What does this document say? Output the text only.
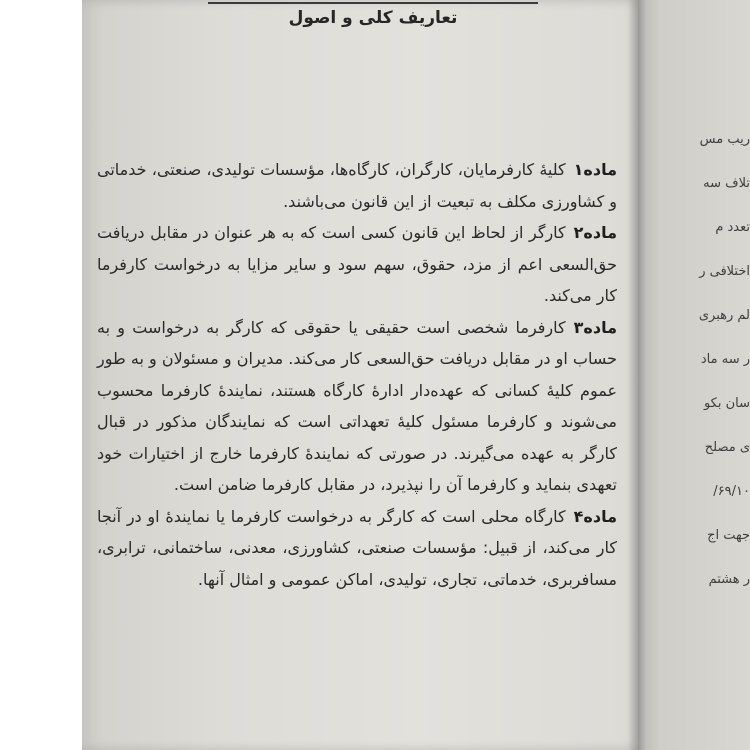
تعاریف کلی و اصول

ماده۱کلیهٔ کارفرمایان، کارگران، کارگاه‌ها، مؤسسات تولیدی، صنعتی، خدماتی و کشاورزی مکلف به تبعیت از این قانون می‌باشند.

ماده۲کارگر از لحاظ این قانون کسی است که به هر عنوان در مقابل دریافت حق‌السعی اعم از مزد، حقوق، سهم سود و سایر مزایا به درخواست کارفرما کار می‌کند.

ماده۳کارفرما شخصی است حقیقی یا حقوقی که کارگر به درخواست و به حساب او در مقابل دریافت حق‌السعی کار می‌کند. مدیران و مسئولان و به طور عموم کلیهٔ کسانی که عهده‌دار ادارهٔ کارگاه هستند، نمایندهٔ کارفرما محسوب می‌شوند و کارفرما مسئول کلیهٔ تعهداتی است که نمایندگان مذکور در قبال کارگر به عهده می‌گیرند. در صورتی که نمایندهٔ کارفرما خارج از اختیارات خود تعهدی بنماید و کارفرما آن را نپذیرد، در مقابل کارفرما ضامن است.

ماده۴کارگاه محلی است که کارگر به درخواست کارفرما یا نمایندهٔ او در آنجا کار می‌کند، از قبیل: مؤسسات صنعتی، کشاورزی، معدنی، ساختمانی، ترابری، مسافربری، خدماتی، تجاری، تولیدی، اماکن عمومی و امثال آنها.

ریب مس
تلاف سه
تعدد م
اختلافی ر
لم رهبری
ر سه ماد
سان بکو
ی مصلح
۶۹/۱۰/
جهت اج
ر هشتم
